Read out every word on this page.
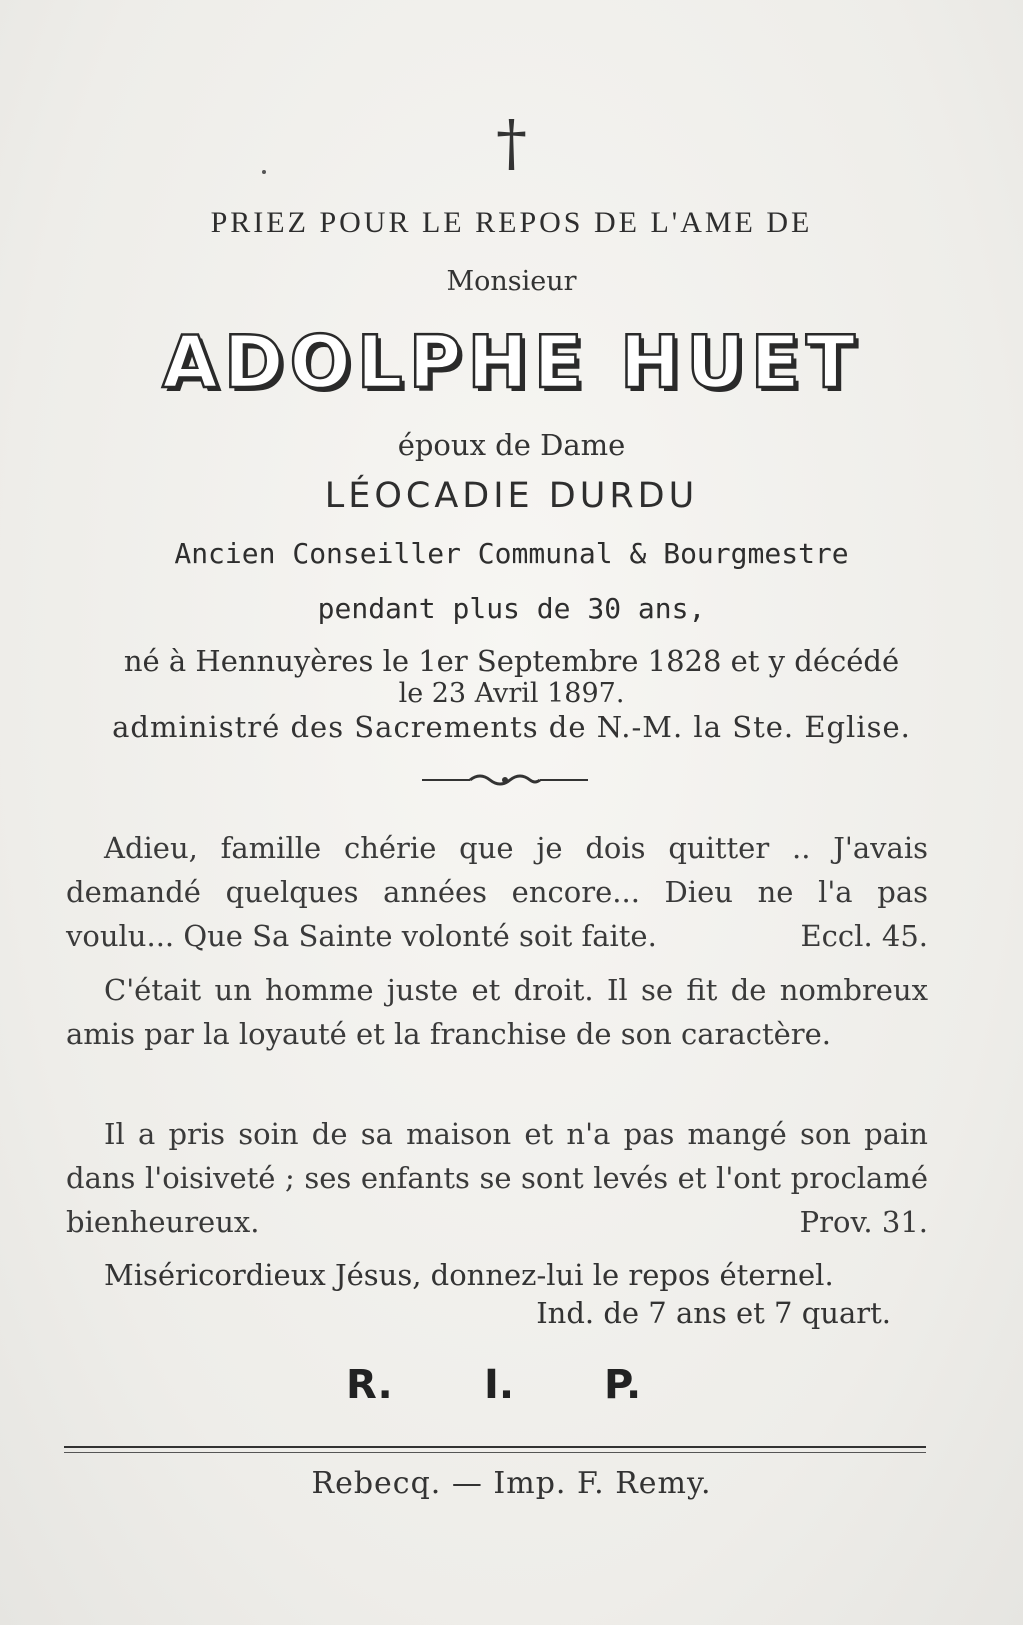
†
PRIEZ POUR LE REPOS DE L'AME DE
Monsieur
ADOLPHE HUET
époux de Dame
LÉOCADIE DURDU
Ancien Conseiller Communal & Bourgmestre
pendant plus de 30 ans,
né à Hennuyères le 1er Septembre 1828 et y décédé
le 23 Avril 1897.
administré des Sacrements de N.-M. la Ste. Eglise.

Adieu, famille chérie que je dois quitter .. J'avais demandé quelques années encore... Dieu ne l'a pas voulu... Que Sa Sainte volonté soit faite.	Eccl. 45.

C'était un homme juste et droit. Il se fit de nombreux amis par la loyauté et la franchise de son caractère.

Il a pris soin de sa maison et n'a pas mangé son pain dans l'oisiveté ; ses enfants se sont levés et l'ont proclamé bienheureux.	Prov. 31.

Miséricordieux Jésus, donnez-lui le repos éternel.
Ind. de 7 ans et 7 quart.
R. I. P.
Rebecq. — Imp. F. Remy.
